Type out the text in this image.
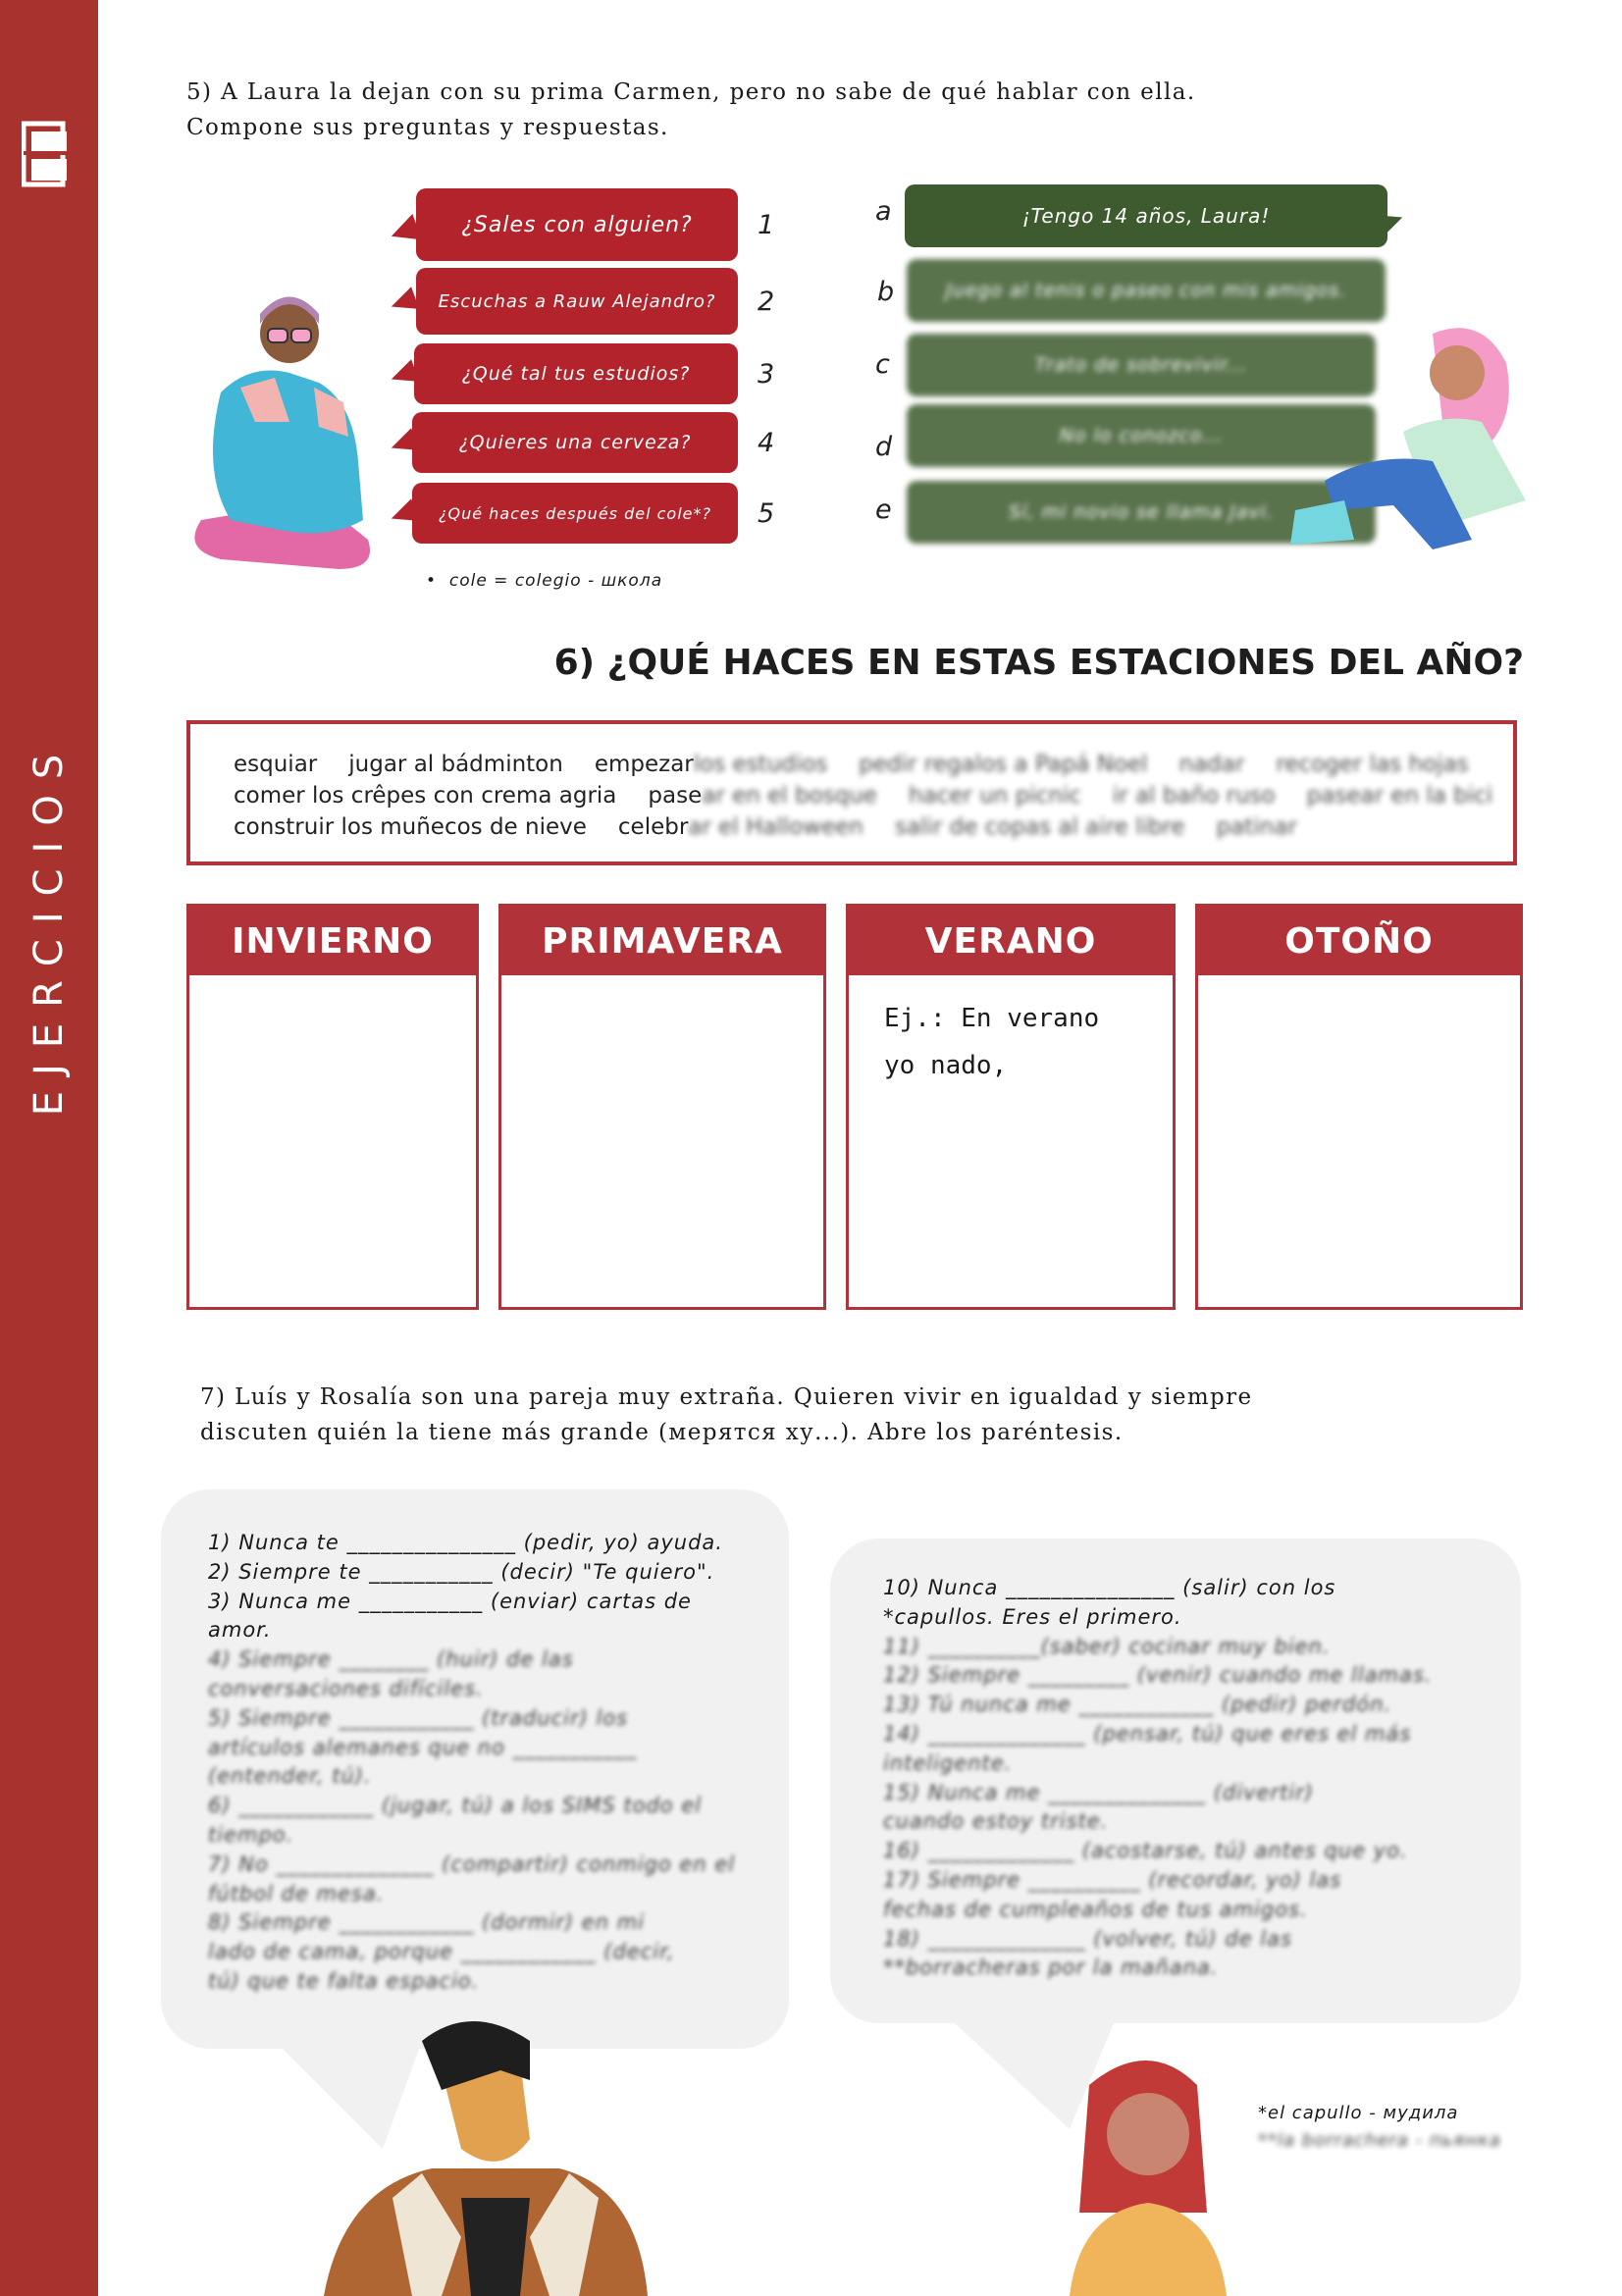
EJERCICIOS
5) A Laura la dejan con su prima Carmen, pero no sabe de qué hablar con ella.
Compone sus preguntas y respuestas.
¿Sales con alguien?	1
Escuchas a Rauw Alejandro?	2
¿Qué tal tus estudios?	3
¿Quieres una cerveza?	4
¿Qué haces después del cole*?	5
a	¡Tengo 14 años, Laura!
b	Juego al tenis o paseo con mis amigos.
c	Trato de sobrevivir...
d	No lo conozco...
e	Sí, mi novio se llama Javi.
•  cole = colegio - школа
6) ¿QUÉ HACES EN ESTAS ESTACIONES DEL AÑO?
esquiar jugar al bádminton empezarlos estudios pedir regalos a Papá Noel nadar recoger las hojas
comer los crêpes con crema agria pasear en el bosque hacer un picnic ir al baño ruso pasear en la bici
construir los muñecos de nieve celebrar el Halloween salir de copas al aire libre patinar
INVIERNO	PRIMAVERA	VERANO
Ej.: En verano
yo nado,
OTOÑO
7) Luís y Rosalía son una pareja muy extraña. Quieren vivir en igualdad y siempre
discuten quién la tiene más grande (мерятся ху...). Abre los paréntesis.
1) Nunca te _______________ (pedir, yo) ayuda.
2) Siempre te ___________ (decir) "Te quiero".
3) Nunca me ___________ (enviar) cartas de
amor.
4) Siempre ________ (huir) de las
conversaciones difíciles.
5) Siempre ____________ (traducir) los
artículos alemanes que no ___________
(entender, tú).
6) ____________ (jugar, tú) a los SIMS todo el
tiempo.
7) No ______________ (compartir) conmigo en el
fútbol de mesa.
8) Siempre ____________ (dormir) en mi
lado de cama, porque ____________ (decir,
tú) que te falta espacio.
10) Nunca _______________ (salir) con los
*capullos. Eres el primero.
11) __________(saber) cocinar muy bien.
12) Siempre _________ (venir) cuando me llamas.
13) Tú nunca me ____________ (pedir) perdón.
14) ______________ (pensar, tú) que eres el más
inteligente.
15) Nunca me ______________ (divertir)
cuando estoy triste.
16) _____________ (acostarse, tú) antes que yo.
17) Siempre __________ (recordar, yo) las
fechas de cumpleaños de tus amigos.
18) ______________ (volver, tú) de las
**borracheras por la mañana.
*el capullo - мудила
**la borrachera - пьянка
